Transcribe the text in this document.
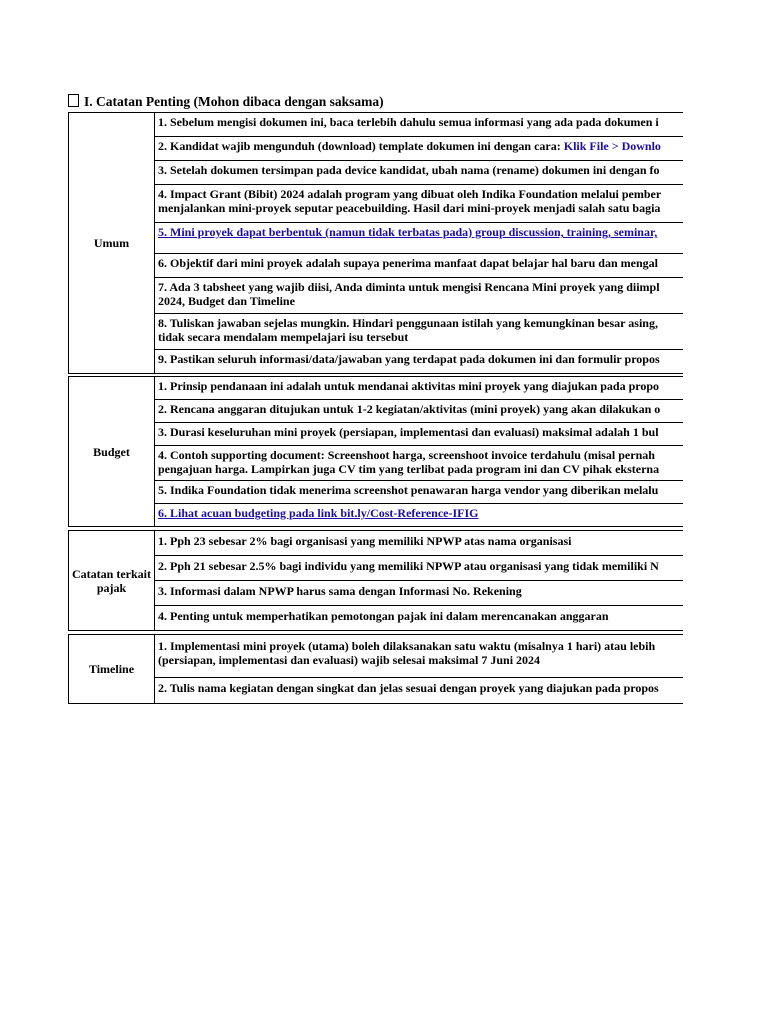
I. Catatan Penting (Mohon dibaca dengan saksama)
Umum	
1. Sebelum mengisi dokumen ini, baca terlebih dahulu semua informasi yang ada pada dokumen i

2. Kandidat wajib mengunduh (download) template dokumen ini dengan cara: Klik File > Downlo

3. Setelah dokumen tersimpan pada device kandidat, ubah nama (rename) dokumen ini dengan fo

4. Impact Grant (Bibit) 2024 adalah program yang dibuat oleh Indika Foundation melalui pember menjalankan mini-proyek seputar peacebuilding. Hasil dari mini-proyek menjadi salah satu bagia

5. Mini proyek dapat berbentuk (namun tidak terbatas pada) group discussion, training, seminar,

6. Objektif dari mini proyek adalah supaya penerima manfaat dapat belajar hal baru dan mengal

7. Ada 3 tabsheet yang wajib diisi, Anda diminta untuk mengisi Rencana Mini proyek yang diimpl 2024, Budget dan Timeline

8. Tuliskan jawaban sejelas mungkin. Hindari penggunaan istilah yang kemungkinan besar asing, tidak secara mendalam mempelajari isu tersebut

9. Pastikan seluruh informasi/data/jawaban yang terdapat pada dokumen ini dan formulir propos
Budget	
1. Prinsip pendanaan ini adalah untuk mendanai aktivitas mini proyek yang diajukan pada propo

2. Rencana anggaran ditujukan untuk 1-2 kegiatan/aktivitas (mini proyek) yang akan dilakukan o

3. Durasi keseluruhan mini proyek (persiapan, implementasi dan evaluasi) maksimal adalah 1 bul

4. Contoh supporting document: Screenshoot harga, screenshoot invoice terdahulu (misal pernah pengajuan harga. Lampirkan juga CV tim yang terlibat pada program ini dan CV pihak eksterna

5. Indika Foundation tidak menerima screenshot penawaran harga vendor yang diberikan melalu

6. Lihat acuan budgeting pada link bit.ly/Cost-Reference-IFIG
Catatan terkait pajak	
1. Pph 23 sebesar 2% bagi organisasi yang memiliki NPWP atas nama organisasi

2. Pph 21 sebesar 2.5% bagi individu yang memiliki NPWP atau organisasi yang tidak memiliki N

3. Informasi dalam NPWP harus sama dengan Informasi No. Rekening

4. Penting untuk memperhatikan pemotongan pajak ini dalam merencanakan anggaran
Timeline	
1. Implementasi mini proyek (utama) boleh dilaksanakan satu waktu (misalnya 1 hari) atau lebih (persiapan, implementasi dan evaluasi) wajib selesai maksimal 7 Juni 2024

2. Tulis nama kegiatan dengan singkat dan jelas sesuai dengan proyek yang diajukan pada propos
